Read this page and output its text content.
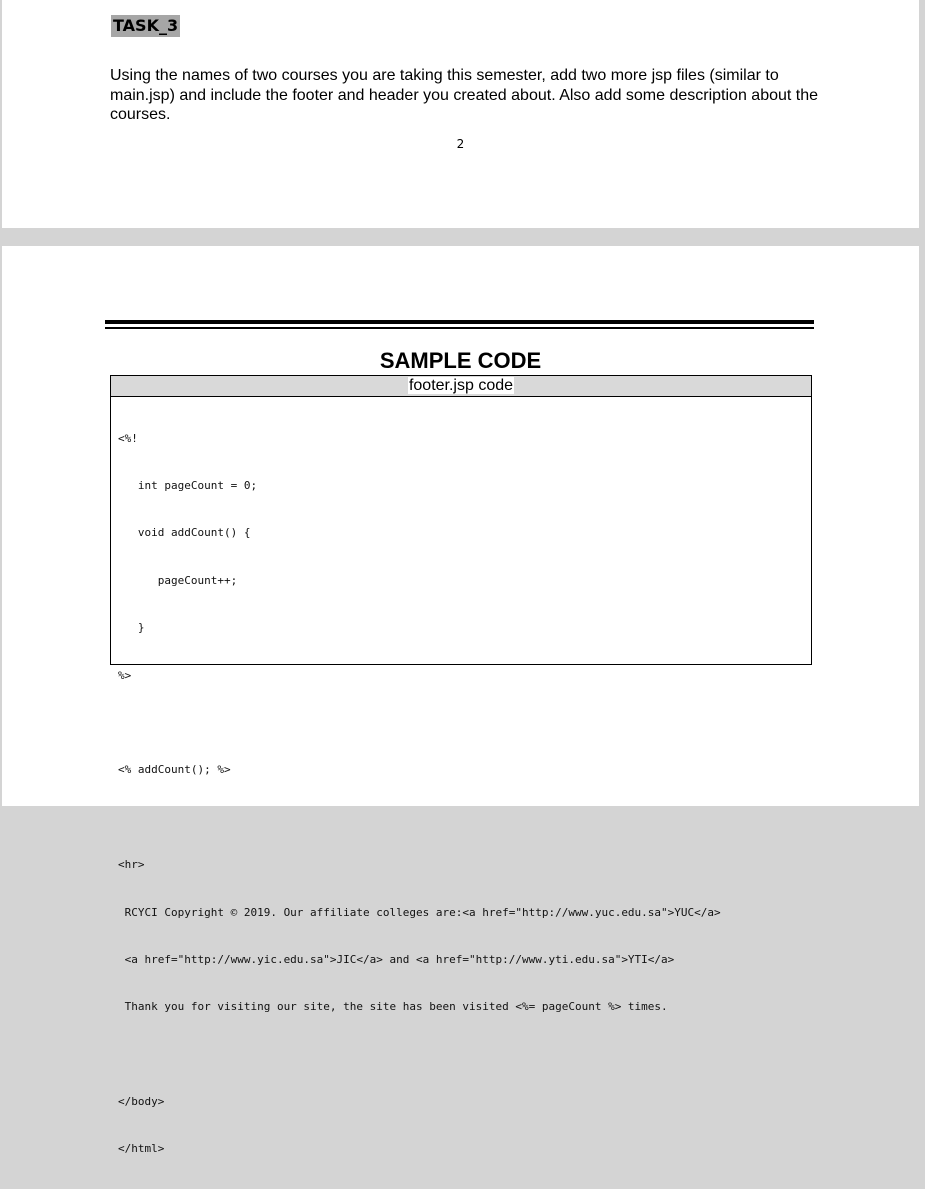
TASK_3
Using the names of two courses you are taking this semester, add two more jsp files (similar to main.jsp) and include the footer and header you created about. Also add some description about the courses.
2
SAMPLE CODE
footer.jsp code

<%!

int pageCount = 0;

void addCount() {

pageCount++;

}

%>

<% addCount(); %>

<hr>

RCYCI Copyright © 2019. Our affiliate colleges are:<a href="http://www.yuc.edu.sa">YUC</a>

<a href="http://www.yic.edu.sa">JIC</a> and <a href="http://www.yti.edu.sa">YTI</a>

Thank you for visiting our site, the site has been visited <%= pageCount %> times.

</body>

</html>
